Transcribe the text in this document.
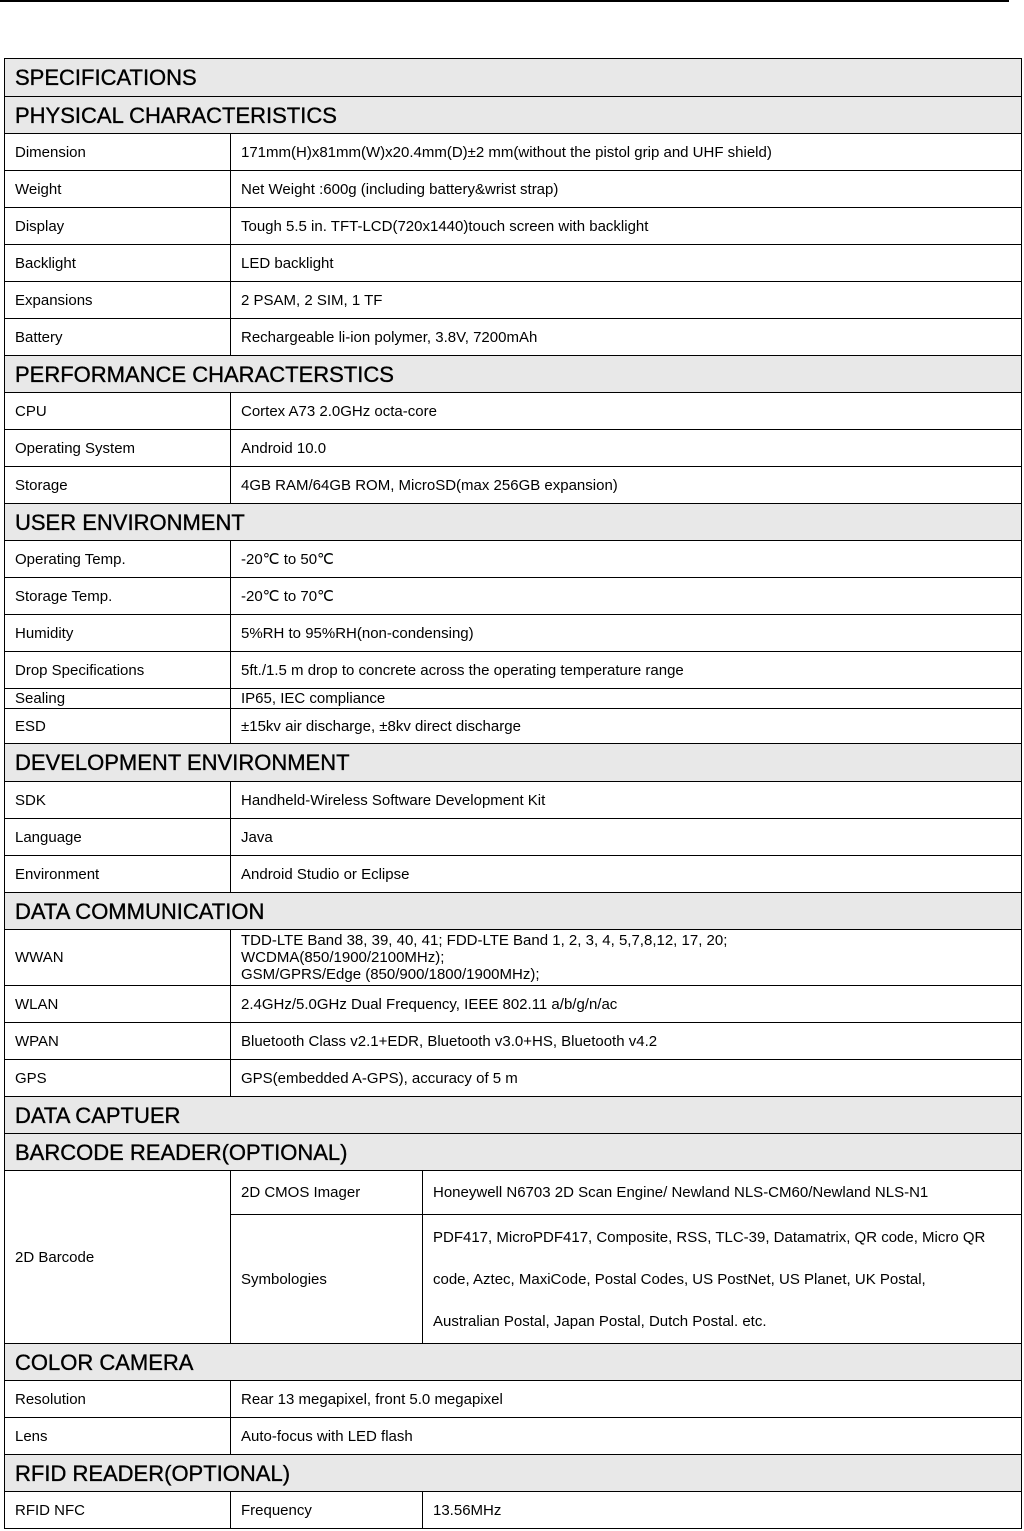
SPECIFICATIONS		
PHYSICAL CHARACTERISTICS		
Dimension	171mm(H)x81mm(W)x20.4mm(D)±2 mm(without the pistol grip and UHF shield)	
Weight	Net Weight :600g (including battery&wrist strap)	
Display	Tough 5.5 in. TFT-LCD(720x1440)touch screen with backlight	
Backlight	LED backlight	
Expansions	2 PSAM, 2 SIM, 1 TF	
Battery	Rechargeable li-ion polymer, 3.8V, 7200mAh	
PERFORMANCE CHARACTERSTICS		
CPU	Cortex A73 2.0GHz octa-core	
Operating System	Android 10.0	
Storage	4GB RAM/64GB ROM, MicroSD(max 256GB expansion)	
USER ENVIRONMENT		
Operating Temp.	-20℃ to 50℃	
Storage Temp.	-20℃ to 70℃	
Humidity	5%RH to 95%RH(non-condensing)	
Drop Specifications	5ft./1.5 m drop to concrete across the operating temperature range	
Sealing	IP65, IEC compliance	
ESD	±15kv air discharge, ±8kv direct discharge	
DEVELOPMENT ENVIRONMENT		
SDK	Handheld-Wireless Software Development Kit	
Language	Java	
Environment	Android Studio or Eclipse	
DATA COMMUNICATION		
WWAN	TDD-LTE Band 38, 39, 40, 41; FDD-LTE Band 1, 2, 3, 4, 5,7,8,12, 17, 20;
WCDMA(850/1900/2100MHz);
GSM/GPRS/Edge (850/900/1800/1900MHz);	

WLAN	2.4GHz/5.0GHz Dual Frequency, IEEE 802.11 a/b/g/n/ac	
WPAN	Bluetooth Class v2.1+EDR, Bluetooth v3.0+HS, Bluetooth v4.2	
GPS	GPS(embedded A-GPS), accuracy of 5 m	
DATA CAPTUER		
BARCODE READER(OPTIONAL)		
2D Barcode	2D CMOS Imager	Honeywell N6703 2D Scan Engine/ Newland NLS-CM60/Newland NLS-N1
	Symbologies	PDF417, MicroPDF417, Composite, RSS, TLC-39, Datamatrix, QR code, Micro QR
code, Aztec, MaxiCode, Postal Codes, US PostNet, US Planet, UK Postal,
Australian Postal, Japan Postal, Dutch Postal. etc.

COLOR CAMERA		
Resolution	Rear 13 megapixel, front 5.0 megapixel	
Lens	Auto-focus with LED flash	
RFID READER(OPTIONAL)		
RFID NFC	Frequency	13.56MHz
